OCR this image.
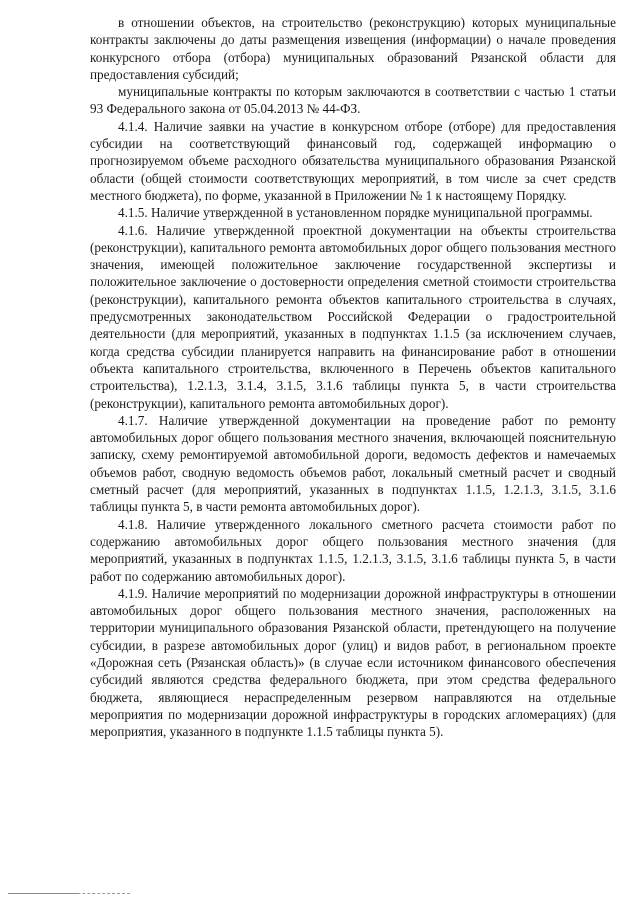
в отношении объектов, на строительство (реконструкцию) которых муниципальные контракты заключены до даты размещения извещения (информации) о начале проведения конкурсного отбора (отбора) муниципальных образований Рязанской области для предоставления субсидий;

муниципальные контракты по которым заключаются в соответствии с частью 1 статьи 93 Федерального закона от 05.04.2013 № 44-ФЗ.

4.1.4. Наличие заявки на участие в конкурсном отборе (отборе) для предоставления субсидии на соответствующий финансовый год, содержащей информацию о прогнозируемом объеме расходного обязательства муниципального образования Рязанской области (общей стоимости соответствующих мероприятий, в том числе за счет средств местного бюджета), по форме, указанной в Приложении № 1 к настоящему Порядку.

4.1.5. Наличие утвержденной в установленном порядке муниципальной программы.

4.1.6. Наличие утвержденной проектной документации на объекты строительства (реконструкции), капитального ремонта автомобильных дорог общего пользования местного значения, имеющей положительное заключение государственной экспертизы и положительное заключение о достоверности определения сметной стоимости строительства (реконструкции), капитального ремонта объектов капитального строительства в случаях, предусмотренных законодательством Российской Федерации о градостроительной деятельности (для мероприятий, указанных в подпунктах 1.1.5 (за исключением случаев, когда средства субсидии планируется направить на финансирование работ в отношении объекта капитального строительства, включенного в Перечень объектов капитального строительства), 1.2.1.3, 3.1.4, 3.1.5, 3.1.6 таблицы пункта 5, в части строительства (реконструкции), капитального ремонта автомобильных дорог).

4.1.7. Наличие утвержденной документации на проведение работ по ремонту автомобильных дорог общего пользования местного значения, включающей пояснительную записку, схему ремонтируемой автомобильной дороги, ведомость дефектов и намечаемых объемов работ, сводную ведомость объемов работ, локальный сметный расчет и сводный сметный расчет (для мероприятий, указанных в подпунктах 1.1.5, 1.2.1.3, 3.1.5, 3.1.6 таблицы пункта 5, в части ремонта автомобильных дорог).

4.1.8. Наличие утвержденного локального сметного расчета стоимости работ по содержанию автомобильных дорог общего пользования местного значения (для мероприятий, указанных в подпунктах 1.1.5, 1.2.1.3, 3.1.5, 3.1.6 таблицы пункта 5, в части работ по содержанию автомобильных дорог).

4.1.9. Наличие мероприятий по модернизации дорожной инфраструктуры в отношении автомобильных дорог общего пользования местного значения, расположенных на территории муниципального образования Рязанской области, претендующего на получение субсидии, в разрезе автомобильных дорог (улиц) и видов работ, в региональном проекте «Дорожная сеть (Рязанская область)» (в случае если источником финансового обеспечения субсидий являются средства федерального бюджета, при этом средства федерального бюджета, являющиеся нераспределенным резервом направляются на отдельные мероприятия по модернизации дорожной инфраструктуры в городских агломерациях) (для мероприятия, указанного в подпункте 1.1.5 таблицы пункта 5).
